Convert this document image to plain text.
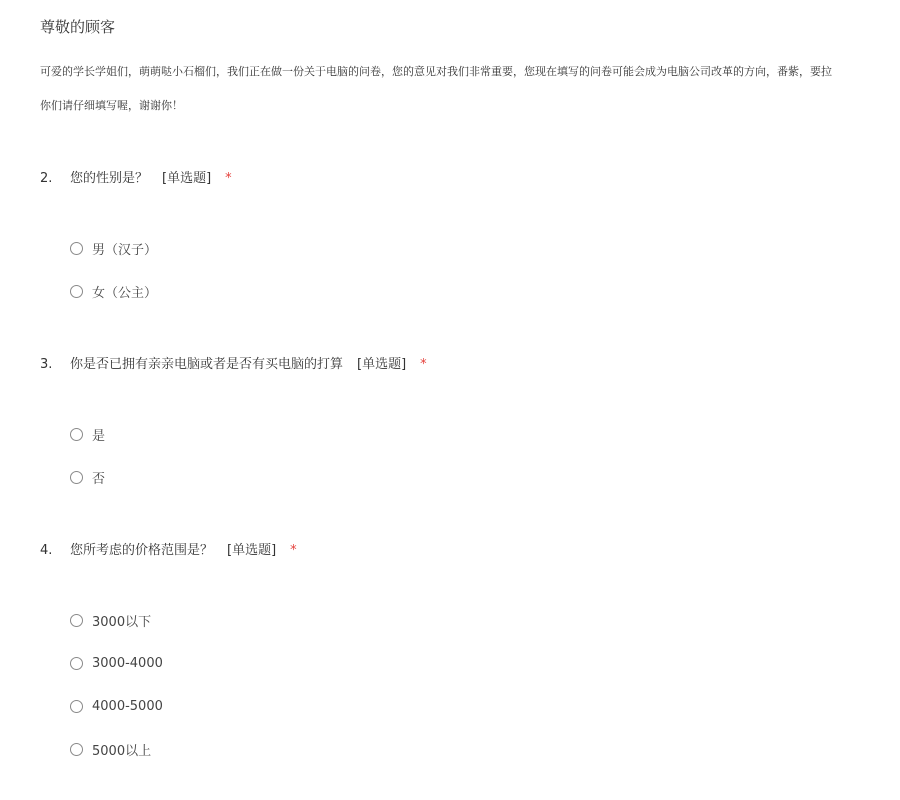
尊敬的顾客
可爱的学长学姐们，萌萌哒小石榴们，我们正在做一份关于电脑的问卷，您的意见对我们非常重要，您现在填写的问卷可能会成为电脑公司改革的方向，番紫，要拉
你们请仔细填写喔，谢谢你！
2. 您的性别是？ [单选题] *
男（汉子）
女（公主）
3. 你是否已拥有亲亲电脑或者是否有买电脑的打算 [单选题] *
是
否
4. 您所考虑的价格范围是？ [单选题] *
3000以下
3000-4000
4000-5000
5000以上
